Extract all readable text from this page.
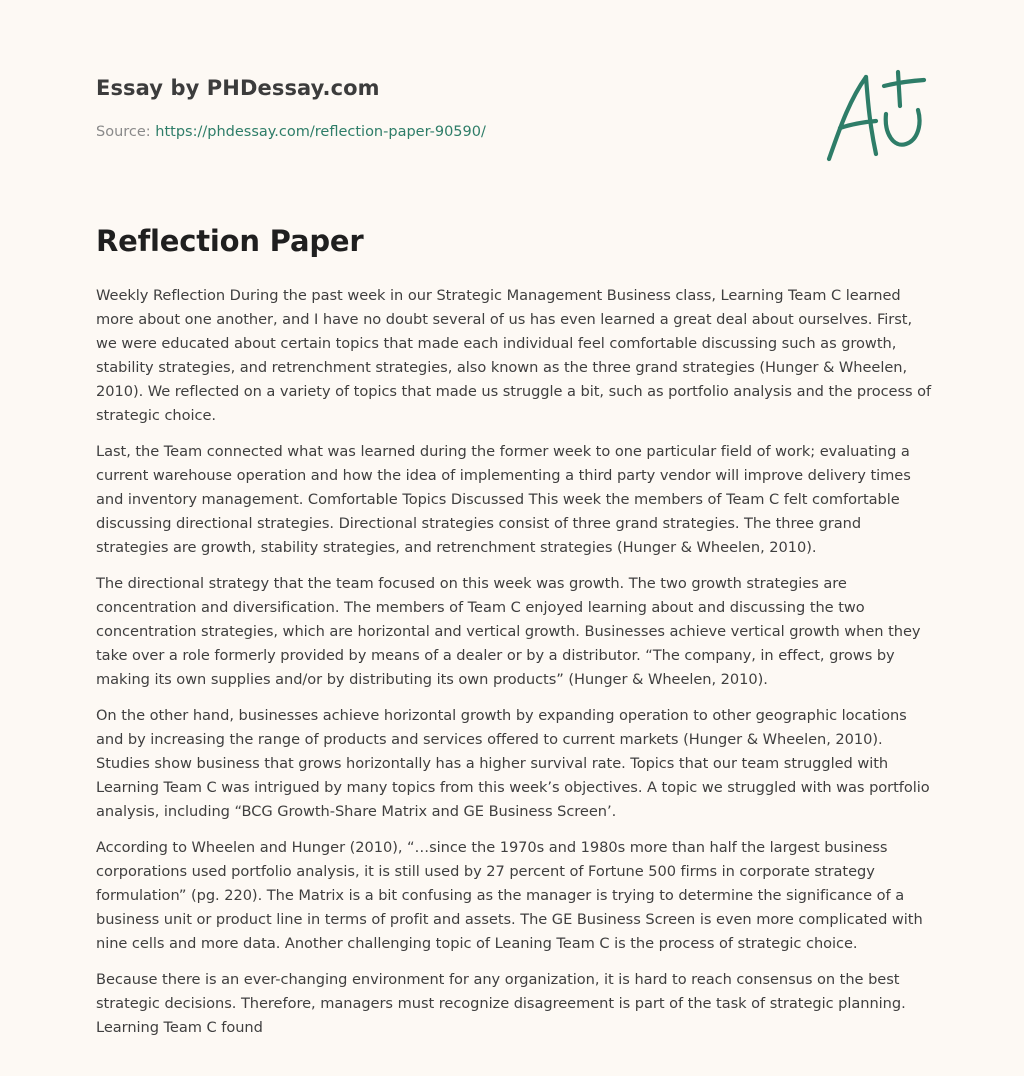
Essay by PHDessay.com
Source: https://phdessay.com/reflection-paper-90590/
Reflection Paper

Weekly Reflection During the past week in our Strategic Management Business class, Learning Team C learned more about one another, and I have no doubt several of us has even learned a great deal about ourselves. First, we were educated about certain topics that made each individual feel comfortable discussing such as growth, stability strategies, and retrenchment strategies, also known as the three grand strategies (Hunger & Wheelen, 2010). We reflected on a variety of topics that made us struggle a bit, such as portfolio analysis and the process of strategic choice.

Last, the Team connected what was learned during the former week to one particular field of work; evaluating a current warehouse operation and how the idea of implementing a third party vendor will improve delivery times and inventory management. Comfortable Topics Discussed This week the members of Team C felt comfortable discussing directional strategies. Directional strategies consist of three grand strategies. The three grand strategies are growth, stability strategies, and retrenchment strategies (Hunger & Wheelen, 2010).

The directional strategy that the team focused on this week was growth. The two growth strategies are concentration and diversification. The members of Team C enjoyed learning about and discussing the two concentration strategies, which are horizontal and vertical growth. Businesses achieve vertical growth when they take over a role formerly provided by means of a dealer or by a distributor. “The company, in effect, grows by making its own supplies and/or by distributing its own products” (Hunger & Wheelen, 2010).

On the other hand, businesses achieve horizontal growth by expanding operation to other geographic locations and by increasing the range of products and services offered to current markets (Hunger & Wheelen, 2010). Studies show business that grows horizontally has a higher survival rate. Topics that our team struggled with Learning Team C was intrigued by many topics from this week’s objectives. A topic we struggled with was portfolio analysis, including “BCG Growth-Share Matrix and GE Business Screen’.

According to Wheelen and Hunger (2010), “…since the 1970s and 1980s more than half the largest business corporations used portfolio analysis, it is still used by 27 percent of Fortune 500 firms in corporate strategy formulation” (pg. 220). The Matrix is a bit confusing as the manager is trying to determine the significance of a business unit or product line in terms of profit and assets. The GE Business Screen is even more complicated with nine cells and more data. Another challenging topic of Leaning Team C is the process of strategic choice.

Because there is an ever-changing environment for any organization, it is hard to reach consensus on the best strategic decisions. Therefore, managers must recognize disagreement is part of the task of strategic planning. Learning Team C found
